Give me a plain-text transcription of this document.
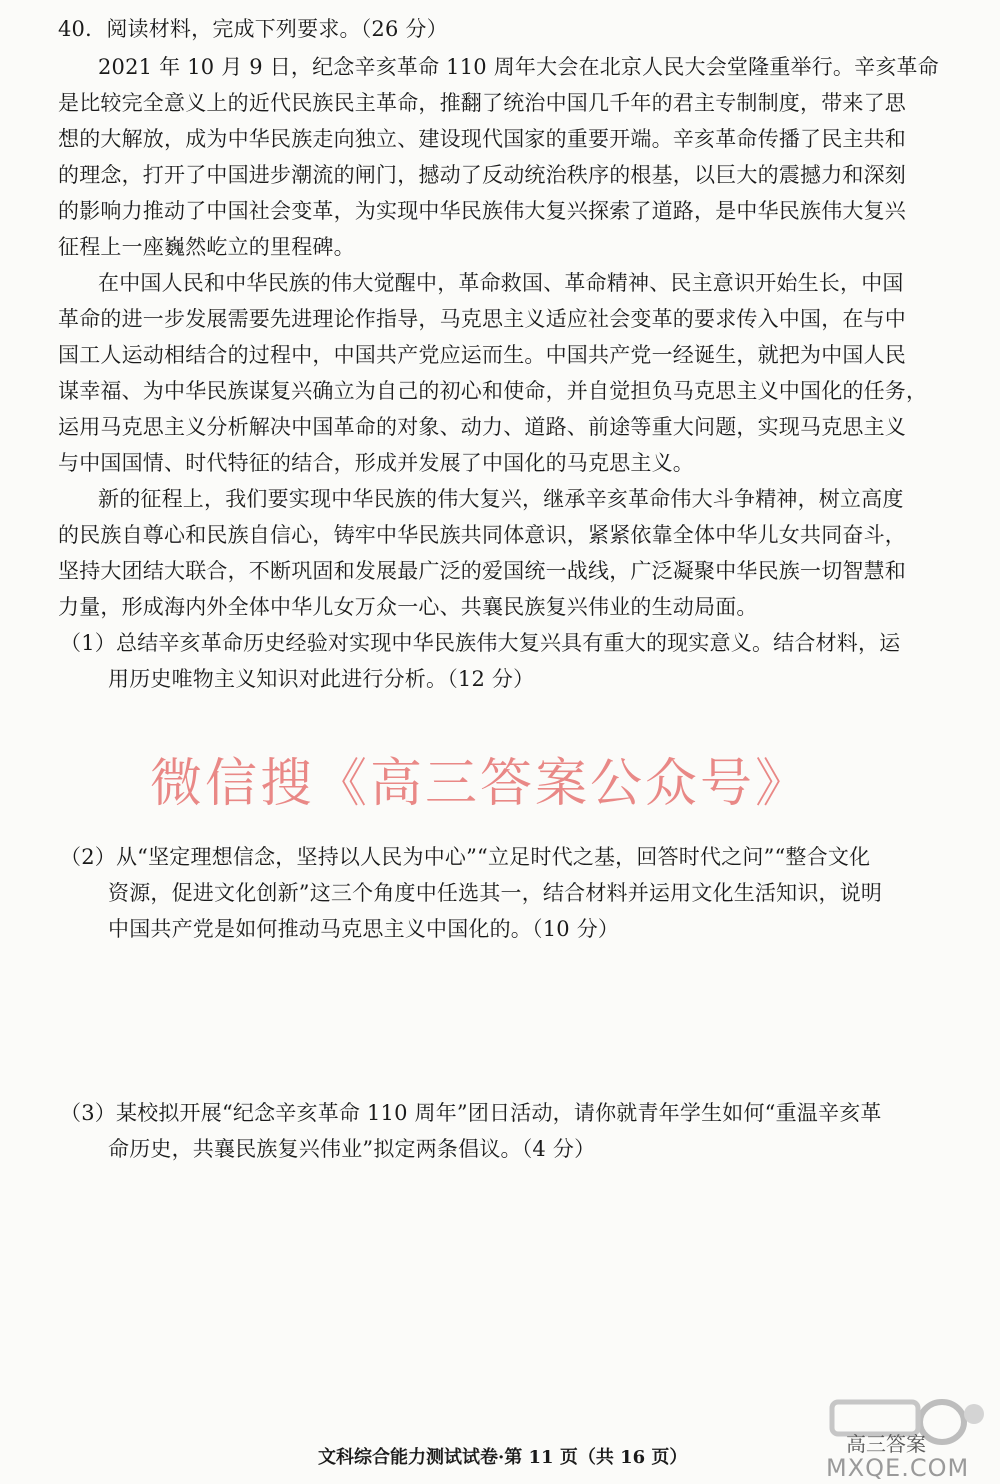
40．阅读材料，完成下列要求。（26 分）
2021 年 10 月 9 日，纪念辛亥革命 110 周年大会在北京人民大会堂隆重举行。辛亥革命
是比较完全意义上的近代民族民主革命，推翻了统治中国几千年的君主专制制度，带来了思
想的大解放，成为中华民族走向独立、建设现代国家的重要开端。辛亥革命传播了民主共和
的理念，打开了中国进步潮流的闸门，撼动了反动统治秩序的根基，以巨大的震撼力和深刻
的影响力推动了中国社会变革，为实现中华民族伟大复兴探索了道路，是中华民族伟大复兴
征程上一座巍然屹立的里程碑。
在中国人民和中华民族的伟大觉醒中，革命救国、革命精神、民主意识开始生长，中国
革命的进一步发展需要先进理论作指导，马克思主义适应社会变革的要求传入中国，在与中
国工人运动相结合的过程中，中国共产党应运而生。中国共产党一经诞生，就把为中国人民
谋幸福、为中华民族谋复兴确立为自己的初心和使命，并自觉担负马克思主义中国化的任务，
运用马克思主义分析解决中国革命的对象、动力、道路、前途等重大问题，实现马克思主义
与中国国情、时代特征的结合，形成并发展了中国化的马克思主义。
新的征程上，我们要实现中华民族的伟大复兴，继承辛亥革命伟大斗争精神，树立高度
的民族自尊心和民族自信心，铸牢中华民族共同体意识，紧紧依靠全体中华儿女共同奋斗，
坚持大团结大联合，不断巩固和发展最广泛的爱国统一战线，广泛凝聚中华民族一切智慧和
力量，形成海内外全体中华儿女万众一心、共襄民族复兴伟业的生动局面。
（1）总结辛亥革命历史经验对实现中华民族伟大复兴具有重大的现实意义。结合材料，运
用历史唯物主义知识对此进行分析。（12 分）
微信搜《高三答案公众号》
（2）从“坚定理想信念，坚持以人民为中心”“立足时代之基，回答时代之问”“整合文化
资源，促进文化创新”这三个角度中任选其一，结合材料并运用文化生活知识，说明
中国共产党是如何推动马克思主义中国化的。（10 分）
（3）某校拟开展“纪念辛亥革命 110 周年”团日活动，请你就青年学生如何“重温辛亥革
命历史，共襄民族复兴伟业”拟定两条倡议。（4 分）
文科综合能力测试试卷·第 11 页（共 16 页）
高三答案
MXQE.COM
